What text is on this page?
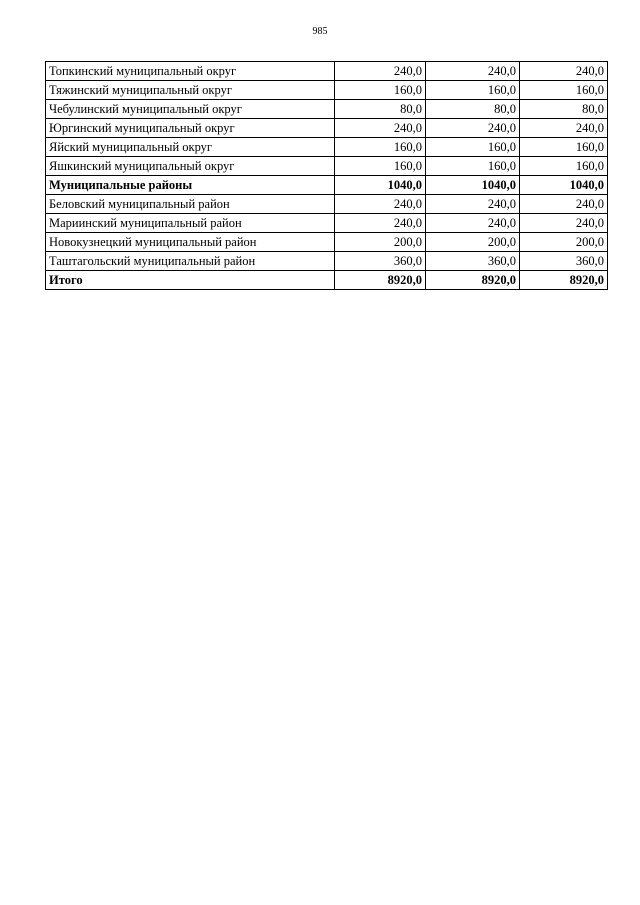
985
Топкинский муниципальный округ	240,0	240,0	240,0
Тяжинский муниципальный округ	160,0	160,0	160,0
Чебулинский муниципальный округ	80,0	80,0	80,0
Юргинский муниципальный округ	240,0	240,0	240,0
Яйский муниципальный округ	160,0	160,0	160,0
Яшкинский муниципальный округ	160,0	160,0	160,0
Муниципальные районы	1040,0	1040,0	1040,0
Беловский муниципальный район	240,0	240,0	240,0
Мариинский муниципальный район	240,0	240,0	240,0
Новокузнецкий муниципальный район	200,0	200,0	200,0
Таштагольский муниципальный район	360,0	360,0	360,0
Итого	8920,0	8920,0	8920,0
